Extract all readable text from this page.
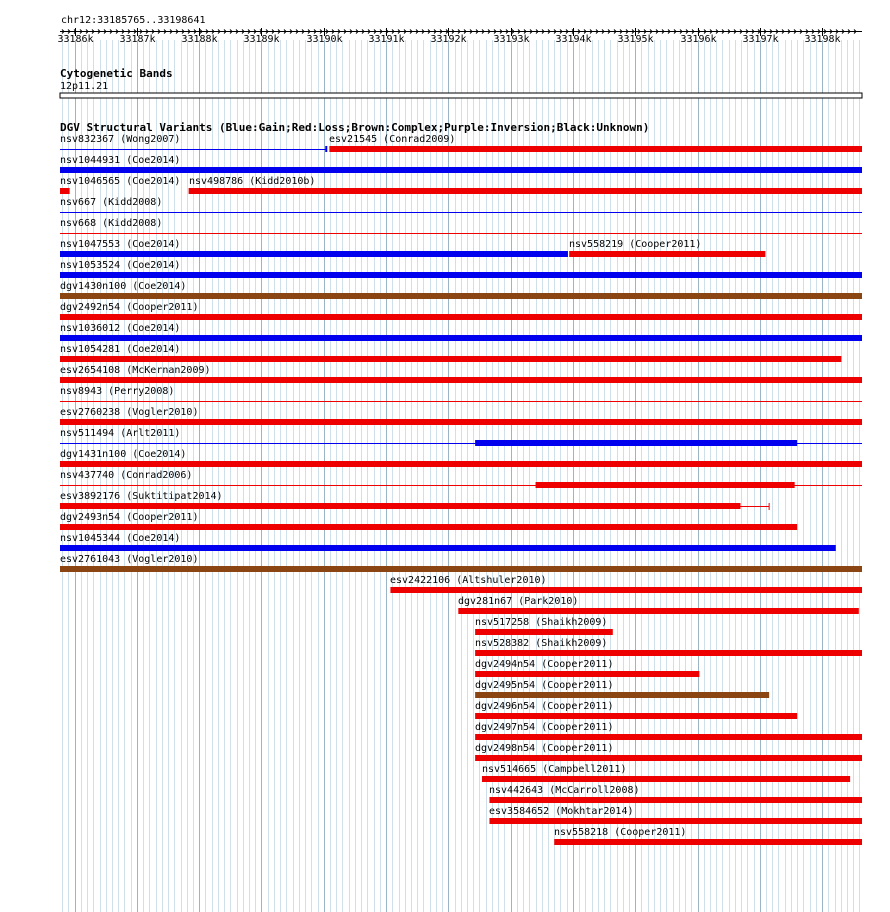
chr12:33185765..33198641
33186k	33187k	33188k	33189k	33190k	33191k	33192k	33193k	33194k	33195k	33196k	33197k	33198k
Cytogenetic Bands
12p11.21
DGV Structural Variants (Blue:Gain;Red:Loss;Brown:Complex;Purple:Inversion;Black:Unknown)
nsv832367 (Wong2007)	esv21545 (Conrad2009)
nsv1044931 (Coe2014)
nsv1046565 (Coe2014) nsv498786 (Kidd2010b)
nsv667 (Kidd2008)
nsv668 (Kidd2008)
nsv1047553 (Coe2014)	nsv558219 (Cooper2011)
nsv1053524 (Coe2014)
dgv1430n100 (Coe2014)
dgv2492n54 (Cooper2011)
nsv1036012 (Coe2014)
nsv1054281 (Coe2014)
esv2654108 (McKernan2009)
nsv8943 (Perry2008)
esv2760238 (Vogler2010)
nsv511494 (Arlt2011)
dgv1431n100 (Coe2014)
nsv437740 (Conrad2006)
esv3892176 (Suktitipat2014)
dgv2493n54 (Cooper2011)
nsv1045344 (Coe2014)
esv2761043 (Vogler2010)
esv2422106 (Altshuler2010)
dgv281n67 (Park2010)
nsv517258 (Shaikh2009)
nsv528382 (Shaikh2009)
dgv2494n54 (Cooper2011)
dgv2495n54 (Cooper2011)
dgv2496n54 (Cooper2011)
dgv2497n54 (Cooper2011)
dgv2498n54 (Cooper2011)
nsv514665 (Campbell2011)
nsv442643 (McCarroll2008)
esv3584652 (Mokhtar2014)
nsv558218 (Cooper2011)
